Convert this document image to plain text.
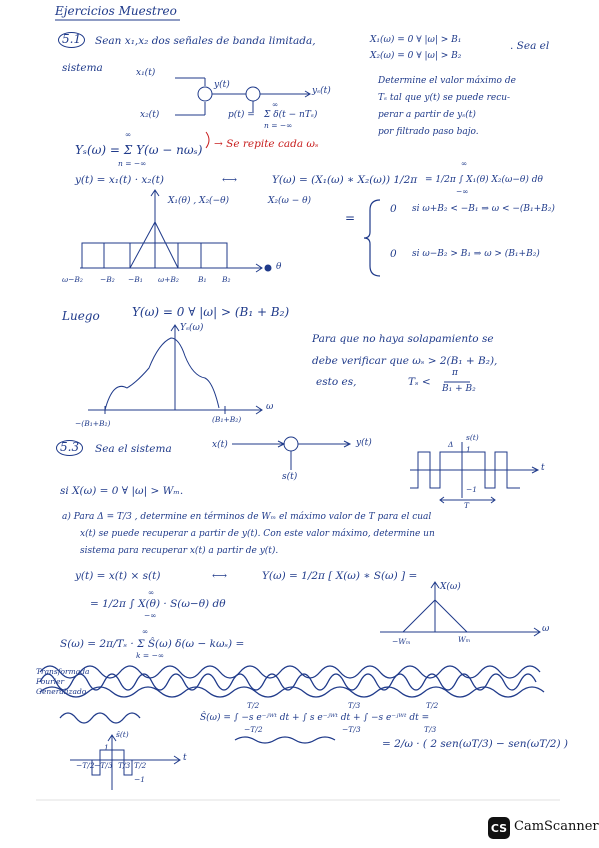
Ejercicios Muestreo
5.1	Sean x₁,x₂ dos señales de banda limitada,	X₁(ω) = 0 ∀ |ω| > B₁
X₂(ω) = 0 ∀ |ω| > B₂
. Sea el
sistema	x₁(t)
x₂(t)
y(t)
yₛ(t)
∞
p(t) = Σ δ(t − nTₛ)
n = −∞
Determine el valor máximo de
Tₛ tal que y(t) se puede recu-
perar a partir de yₛ(t)
por filtrado paso bajo.
∞
Yₛ(ω) = Σ Y(ω − nωₛ)
n = −∞
→ Se repite cada ωₛ
y(t) = x₁(t) · x₂(t)	⟷	Y(ω) = (X₁(ω) ∗ X₂(ω)) 1/2π
∞
= 1/2π ∫ X₁(θ) X₂(ω−θ) dθ
−∞
X₁(θ) , X₂(−θ)	X₂(ω − θ)
ω−B₂ −B₂ −B₁ ω+B₂	B₁ B₂
θ
=
0 si ω+B₂ < −B₁ ⇒ ω < −(B₁+B₂)
0 si ω−B₂ > B₁ ⇒ ω > (B₁+B₂)
Luego	Y(ω) = 0 ∀ |ω| > (B₁ + B₂)
Yₛ(ω)
−(B₁+B₂)	(B₁+B₂)
ω
Para que no haya solapamiento se
debe verificar que ωₛ > 2(B₁ + B₂),
esto es,	Tₛ <
π
B₁ + B₂
5.3	Sea el sistema	x(t)	y(t)
s(t)
s(t)
Δ
1
−1
T
t
si X(ω) = 0 ∀ |ω| > Wₘ.
a) Para Δ = T/3 , determine en términos de Wₘ el máximo valor de T para el cual
x(t) se puede recuperar a partir de y(t). Con este valor máximo, determine un
sistema para recuperar x(t) a partir de y(t).
y(t) = x(t) × s(t)	⟷	Y(ω) = 1/2π [ X(ω) ∗ S(ω) ] =
∞
= 1/2π ∫ X(θ) · S(ω−θ) dθ
−∞
X(ω)
−Wₘ	Wₘ
ω
∞
S(ω) = 2π/Tₛ · Σ Ŝ(ω) δ(ω − kωₛ) =
k = −∞
Transformada
Fourier
Generalizado
T/2
−T/2
T/3
−T/3
T/2
T/3
Ŝ(ω) = ∫ −s e⁻ʲᵂᵗ dt + ∫ s e⁻ʲᵂᵗ dt + ∫ −s e⁻ʲᵂᵗ dt =
= 2/ω · ( 2 sen(ωT/3) − sen(ωT/2) )
ŝ(t)
1
−1
−T/2 −T/3 T/3 T/2
t
CS CamScanner
